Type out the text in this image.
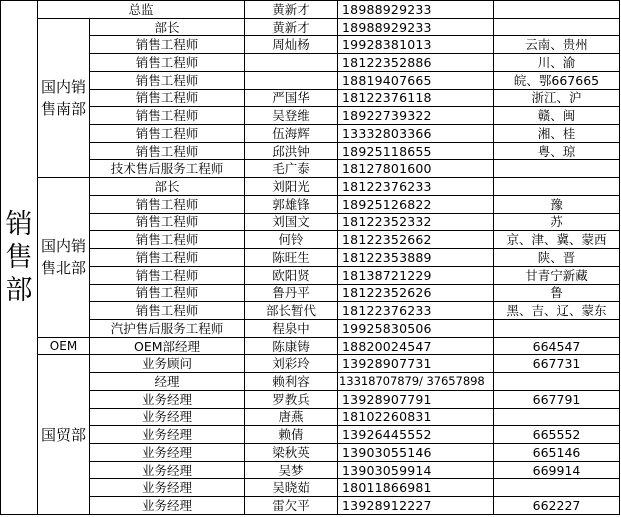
销售部	总监		黄新才	18988929233	
	国内销售南部	部长	黄新才	18988929233	
		销售工程师	周灿杨	19928381013	云南、贵州
		销售工程师		18122352886	川、渝
		销售工程师		18819407665	皖、鄂667665
		销售工程师	严国华	18122376118	浙江、沪
		销售工程师	吴登维	18922739322	赣、闽
		销售工程师	伍海辉	13332803366	湘、桂
		销售工程师	邱洪钟	18925118655	粤、琼
		技术售后服务工程师	毛广泰	18127801600	
	国内销售北部	部长	刘阳光	18122376233	
		销售工程师	郭雄锋	18925126822	豫
		销售工程师	刘国文	18122352332	苏
		销售工程师	何铃	18122352662	京、津、冀、蒙西
		销售工程师	陈旺生	18122353889	陕、晋
		销售工程师	欧阳贤	18138721229	甘青宁新藏
		销售工程师	鲁丹平	18122352626	鲁
		销售工程师	部长暂代	18122376233	黑、吉、辽、蒙东
		汽护售后服务工程师	程泉中	19925830506	
	OEM	OEM部经理	陈康铸	18820024547	664547
	国贸部	业务顾问	刘彩玲	13928907731	667731
		经理	赖利容	13318707879/ 37657898	
		业务经理	罗教兵	13928907791	667791
		业务经理	唐燕	18102260831	
		业务经理	赖倩	13926445552	665552
		业务经理	梁秋英	13903055146	665146
		业务经理	吴梦	13903059914	669914
		业务经理	吴晓茹	18011866981	
		业务经理	雷欠平	13928912227	662227
